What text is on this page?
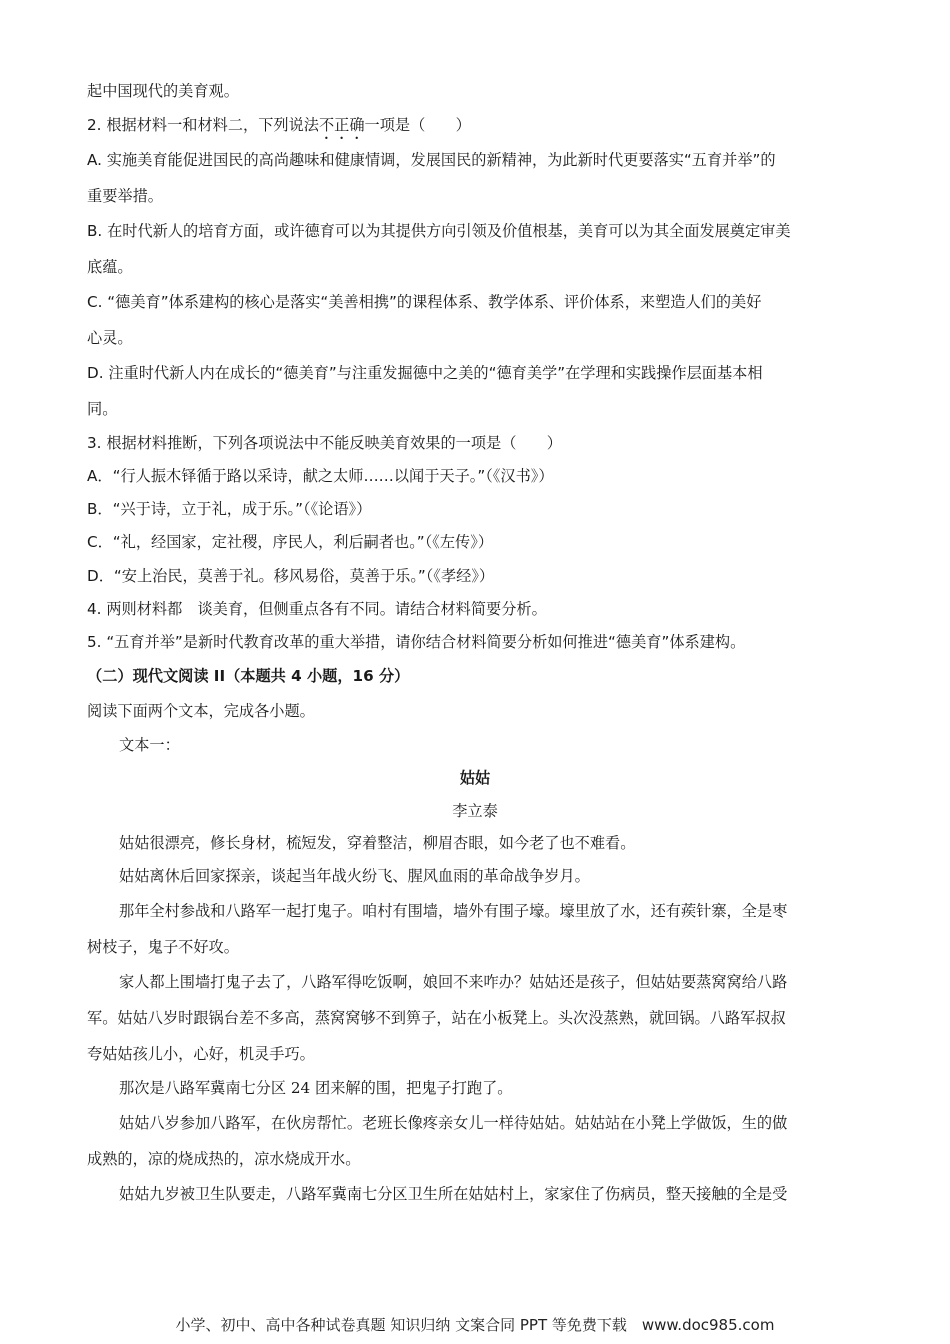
起中国现代的美育观。
2. 根据材料一和材料二，下列说法不正确一项是（　　）
A. 实施美育能促进国民的高尚趣味和健康情调，发展国民的新精神，为此新时代更要落实“五育并举”的
重要举措。
B. 在时代新人的培育方面，或许德育可以为其提供方向引领及价值根基，美育可以为其全面发展奠定审美
底蕴。
C. “德美育”体系建构的核心是落实“美善相携”的课程体系、教学体系、评价体系，来塑造人们的美好
心灵。
D. 注重时代新人内在成长的“德美育”与注重发掘德中之美的“德育美学”在学理和实践操作层面基本相
同。
3. 根据材料推断，下列各项说法中不能反映美育效果的一项是（　　）
A．“行人振木铎循于路以采诗，献之太师……以闻于天子。”（《汉书》）
B．“兴于诗，立于礼，成于乐。”（《论语》）
C．“礼，经国家，定社稷，序民人，利后嗣者也。”（《左传》）
D．“安上治民，莫善于礼。移风易俗，莫善于乐。”（《孝经》）
4. 两则材料都　谈美育，但侧重点各有不同。请结合材料简要分析。
5. “五育并举”是新时代教育改革的重大举措，请你结合材料简要分析如何推进“德美育”体系建构。
（二）现代文阅读 II（本题共 4 小题，16 分）
阅读下面两个文本，完成各小题。
文本一：
姑姑
李立泰
姑姑很漂亮，修长身材，梳短发，穿着整洁，柳眉杏眼，如今老了也不难看。
姑姑离休后回家探亲，谈起当年战火纷飞、腥风血雨的革命战争岁月。
那年全村参战和八路军一起打鬼子。咱村有围墙，墙外有围子壕。壕里放了水，还有蒺针寨，全是枣
树枝子，鬼子不好攻。
家人都上围墙打鬼子去了，八路军得吃饭啊，娘回不来咋办？姑姑还是孩子，但姑姑要蒸窝窝给八路
军。姑姑八岁时跟锅台差不多高，蒸窝窝够不到箅子，站在小板凳上。头次没蒸熟，就回锅。八路军叔叔
夸姑姑孩儿小，心好，机灵手巧。
那次是八路军冀南七分区 24 团来解的围，把鬼子打跑了。
姑姑八岁参加八路军，在伙房帮忙。老班长像疼亲女儿一样待姑姑。姑姑站在小凳上学做饭，生的做
成熟的，凉的烧成热的，凉水烧成开水。
姑姑九岁被卫生队要走，八路军冀南七分区卫生所在姑姑村上，家家住了伤病员，整天接触的全是受
小学、初中、高中各种试卷真题 知识归纳 文案合同 PPT 等免费下载　www.doc985.com
